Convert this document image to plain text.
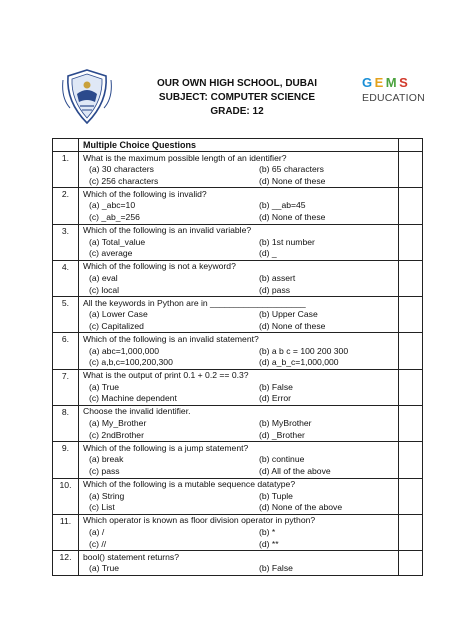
OUR OWN HIGH SCHOOL, DUBAI
SUBJECT: COMPUTER SCIENCE
GRADE: 12
G E M S
EDUCATION
	Multiple Choice Questions	
1.	What is the maximum possible length of an identifier?
(a) 30 characters (b) 65 characters
(c) 256 characters (d) None of these	

2.	Which of the following is invalid?
(a) _abc=10 (b) __ab=45
(c) _ab_=256 (d) None of these	

3.	Which of the following is an invalid variable?
(a) Total_value (b) 1st number
(c) average (d) _	

4.	Which of the following is not a keyword?
(a) eval (b) assert
(c) local (d) pass	

5.	All the keywords in Python are in ____________________
(a) Lower Case (b) Upper Case
(c) Capitalized (d) None of these	

6.	Which of the following is an invalid statement?
(a) abc=1,000,000 (b) a b c = 100 200 300
(c) a,b,c=100,200,300 (d) a_b_c=1,000,000	

7.	What is the output of print 0.1 + 0.2 == 0.3?
(a) True (b) False
(c) Machine dependent (d) Error	

8.	Choose the invalid identifier.
(a) My_Brother (b) MyBrother
(c) 2ndBrother (d) _Brother	

9.	Which of the following is a jump statement?
(a) break (b) continue
(c) pass (d) All of the above	

10.	Which of the following is a mutable sequence datatype?
(a) String (b) Tuple
(c) List (d) None of the above	

11.	Which operator is known as floor division operator in python?
(a) / (b) *
(c) // (d) **	

12.	bool() statement returns?
(a) True (b) False	
